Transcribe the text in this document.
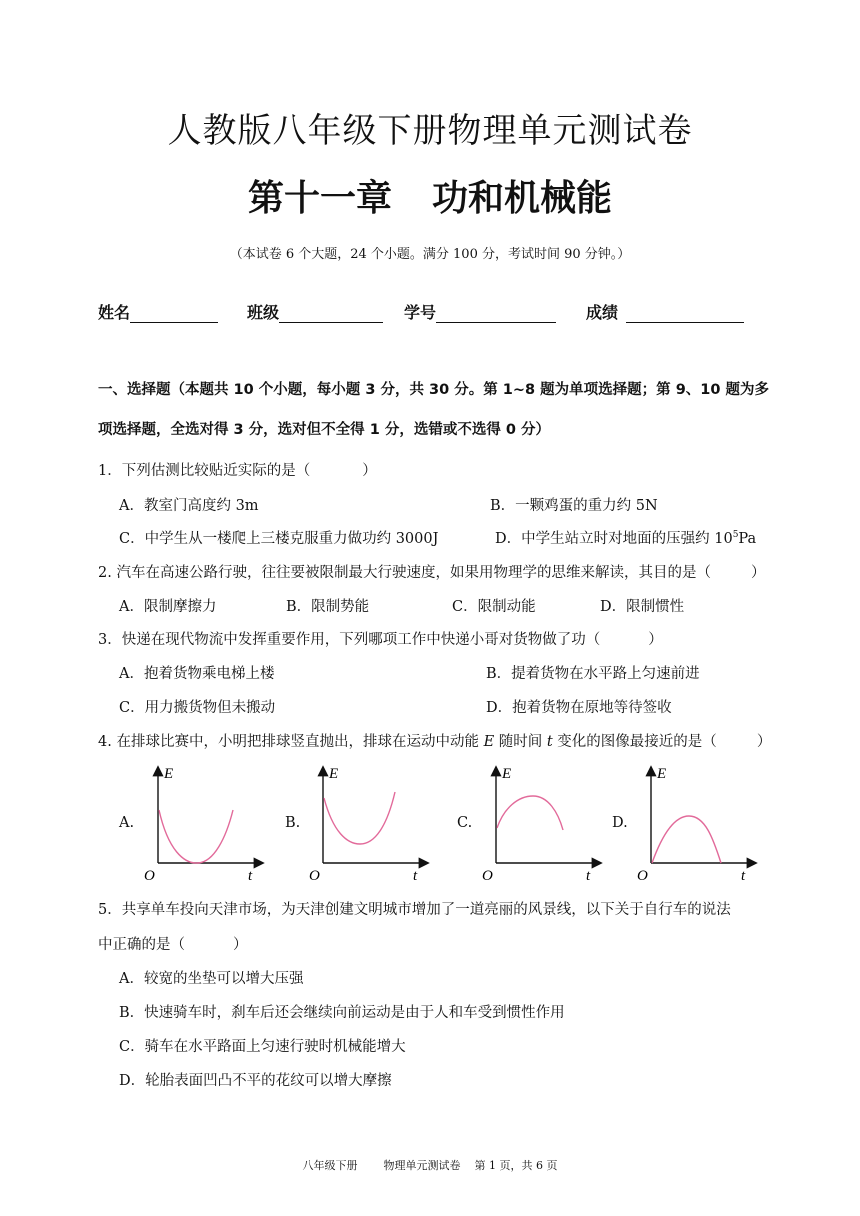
人教版八年级下册物理单元测试卷
第十一章 功和机械能
（本试卷 6 个大题，24 个小题。满分 100 分，考试时间 90 分钟。）
姓名	班级	学号	成绩
一、选择题（本题共 10 个小题，每小题 3 分，共 30 分。第 1~8 题为单项选择题；第 9、10 题为多
项选择题，全选对得 3 分，选对但不全得 1 分，选错或不选得 0 分）
1．下列估测比较贴近实际的是（	）
A．教室门高度约 3m	B．一颗鸡蛋的重力约 5N
C．中学生从一楼爬上三楼克服重力做功约 3000J	D．中学生站立时对地面的压强约 $10^5Pa$
2. 汽车在高速公路行驶，往往要被限制最大行驶速度，如果用物理学的思维来解读，其目的是（	）
A．限制摩擦力	B．限制势能	C．限制动能	D．限制惯性
3．快递在现代物流中发挥重要作用，下列哪项工作中快递小哥对货物做了功（	）
A．抱着货物乘电梯上楼	B．提着货物在水平路上匀速前进
C．用力搬货物但未搬动	D．抱着货物在原地等待签收
4. 在排球比赛中，小明把排球竖直抛出，排球在运动中动能 E 随时间 t 变化的图像最接近的是（	）
A.	B.	C.	D.
E
t
O
E
t
O
E
t
O
E
t
O
5．共享单车投向天津市场，为天津创建文明城市增加了一道亮丽的风景线，以下关于自行车的说法
中正确的是（	）
A．较宽的坐垫可以增大压强
B．快速骑车时，刹车后还会继续向前运动是由于人和车受到惯性作用
C．骑车在水平路面上匀速行驶时机械能增大
D．轮胎表面凹凸不平的花纹可以增大摩擦
八年级下册 物理单元测试卷 第 1 页，共 6 页
